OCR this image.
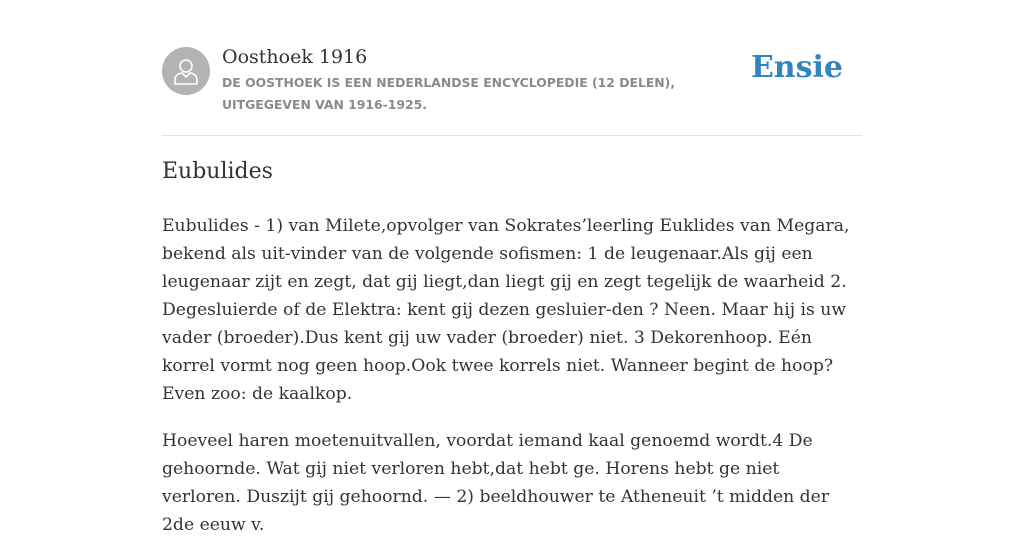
Oosthoek 1916
DE OOSTHOEK IS EEN NEDERLANDSE ENCYCLOPEDIE (12 DELEN), UITGEGEVEN VAN 1916-1925.
Ensie
Eubulides

Eubulides - 1) van Milete,opvolger van Sokrates’leerling Euklides van Megara, bekend als uit-vinder van de volgende sofismen: 1 de leugenaar.Als gij een leugenaar zijt en zegt, dat gij liegt,dan liegt gij en zegt tegelijk de waarheid 2. Degesluierde of de Elektra: kent gij dezen gesluier-den ? Neen. Maar hij is uw vader (broeder).Dus kent gij uw vader (broeder) niet. 3 Dekorenhoop. Eén korrel vormt nog geen hoop.Ook twee korrels niet. Wanneer begint de hoop?Even zoo: de kaalkop.

Hoeveel haren moetenuitvallen, voordat iemand kaal genoemd wordt.4 De gehoornde. Wat gij niet verloren hebt,dat hebt ge. Horens hebt ge niet verloren. Duszijt gij gehoornd. — 2) beeldhouwer te Atheneuit ’t midden der 2de eeuw v.
